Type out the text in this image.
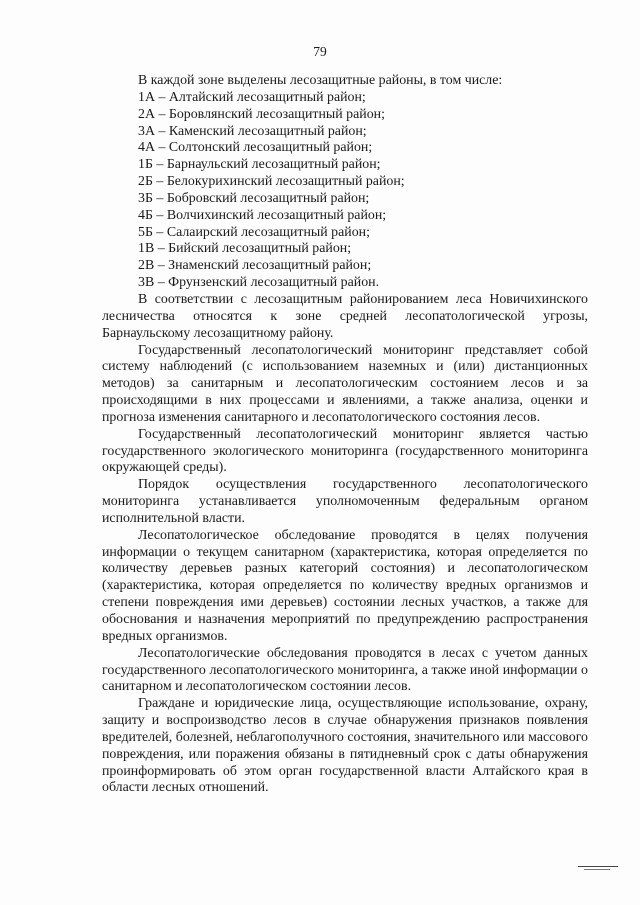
79

В каждой зоне выделены лесозащитные районы, в том числе:

1А – Алтайский лесозащитный район;
2А – Боровлянский лесозащитный район;
3А – Каменский лесозащитный район;
4А – Солтонский лесозащитный район;
1Б – Барнаульский лесозащитный район;
2Б – Белокурихинский лесозащитный район;
3Б – Бобровский лесозащитный район;
4Б – Волчихинский лесозащитный район;
5Б – Салаирский лесозащитный район;
1В – Бийский лесозащитный район;
2В – Знаменский лесозащитный район;
3В – Фрунзенский лесозащитный район.

В соответствии с лесозащитным районированием леса Новичихинского лесничества относятся к зоне средней лесопатологической угрозы, Барнаульскому лесозащитному району.

Государственный лесопатологический мониторинг представляет собой систему наблюдений (с использованием наземных и (или) дистанционных методов) за санитарным и лесопатологическим состоянием лесов и за происходящими в них процессами и явлениями, а также анализа, оценки и прогноза изменения санитарного и лесопатологического состояния лесов.

Государственный лесопатологический мониторинг является частью государственного экологического мониторинга (государственного мониторинга окружающей среды).

Порядок осуществления государственного лесопатологического мониторинга устанавливается уполномоченным федеральным органом исполнительной власти.

Лесопатологическое обследование проводятся в целях получения информации о текущем санитарном (характеристика, которая определяется по количеству деревьев разных категорий состояния) и лесопатологическом (характеристика, которая определяется по количеству вредных организмов и степени повреждения ими деревьев) состоянии лесных участков, а также для обоснования и назначения мероприятий по предупреждению распространения вредных организмов.

Лесопатологические обследования проводятся в лесах с учетом данных государственного лесопатологического мониторинга, а также иной информации о санитарном и лесопатологическом состоянии лесов.

Граждане и юридические лица, осуществляющие использование, охрану, защиту и воспроизводство лесов в случае обнаружения признаков появления вредителей, болезней, неблагополучного состояния, значительного или массового повреждения, или поражения обязаны в пятидневный срок с даты обнаружения проинформировать об этом орган государственной власти Алтайского края в области лесных отношений.
